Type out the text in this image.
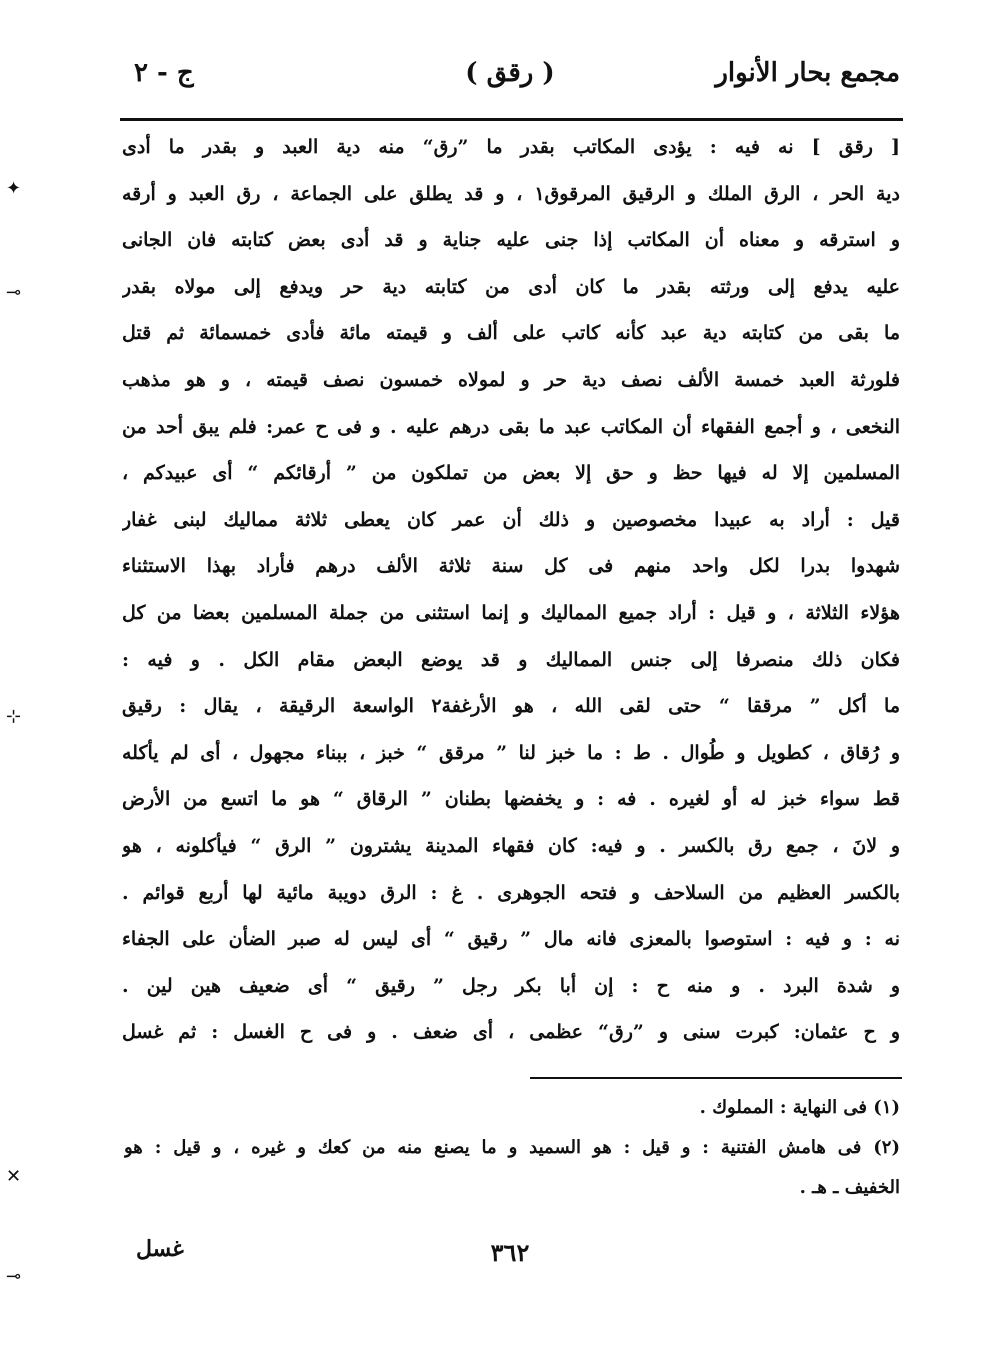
مجمع بحار الأنوار
( رقق )
ج - ٢
[ رقق ] نه فيه : يؤدى المكاتب بقدر ما ”رق“ منه دية العبد و بقدر ما أدى
دية الحر ، الرق الملك و الرقيق المرقوق١ ، و قد يطلق على الجماعة ، رق العبد و أرقه
و استرقه و معناه أن المكاتب إذا جنى عليه جناية و قد أدى بعض كتابته فان الجانى
عليه يدفع إلى ورثته بقدر ما كان أدى من كتابته دية حر ويدفع إلى مولاه بقدر
ما بقى من كتابته دية عبد كأنه كاتب على ألف و قيمته مائة فأدى خمسمائة ثم قتل
فلورثة العبد خمسة الألف نصف دية حر و لمولاه خمسون نصف قيمته ، و هو مذهب
النخعى ، و أجمع الفقهاء أن المكاتب عبد ما بقى درهم عليه . و فى ح عمر: فلم يبق أحد من
المسلمين إلا له فيها حظ و حق إلا بعض من تملكون من ” أرقائكم “ أى عبيدكم ،
قيل : أراد به عبيدا مخصوصين و ذلك أن عمر كان يعطى ثلاثة مماليك لبنى غفار
شهدوا بدرا لكل واحد منهم فى كل سنة ثلاثة الألف درهم فأراد بهذا الاستثناء
هؤلاء الثلاثة ، و قيل : أراد جميع المماليك و إنما استثنى من جملة المسلمين بعضا من كل
فكان ذلك منصرفا إلى جنس المماليك و قد يوضع البعض مقام الكل . و فيه :
ما أكل ” مرققا “ حتى لقى الله ، هو الأرغفة٢ الواسعة الرقيقة ، يقال : رقيق
و رُقاق ، كطويل و طُوال . ط : ما خبز لنا ” مرقق “ خبز ، ببناء مجهول ، أى لم يأكله
قط سواء خبز له أو لغيره . فه : و يخفضها بطنان ” الرقاق “ هو ما اتسع من الأرض
و لانَ ، جمع رق بالكسر . و فيه: كان فقهاء المدينة يشترون ” الرق “ فيأكلونه ، هو
بالكسر العظيم من السلاحف و فتحه الجوهرى . غ : الرق دويبة مائية لها أربع قوائم .
نه : و فيه : استوصوا بالمعزى فانه مال ” رقيق “ أى ليس له صبر الضأن على الجفاء
و شدة البرد . و منه ح : إن أبا بكر رجل ” رقيق “ أى ضعيف هين لين .
و ح عثمان: كبرت سنى و ”رق“ عظمى ، أى ضعف . و فى ح الغسل : ثم غسل
(١) فى النهاية : المملوك .
(٢) فى هامش الفتنية : و قيل : هو السميد و ما يصنع منه من كعك و غيره ، و قيل : هو
الخفيف ـ هـ .
غسل	٣٦٢
✦
⊸
⊹
✕
⊸
